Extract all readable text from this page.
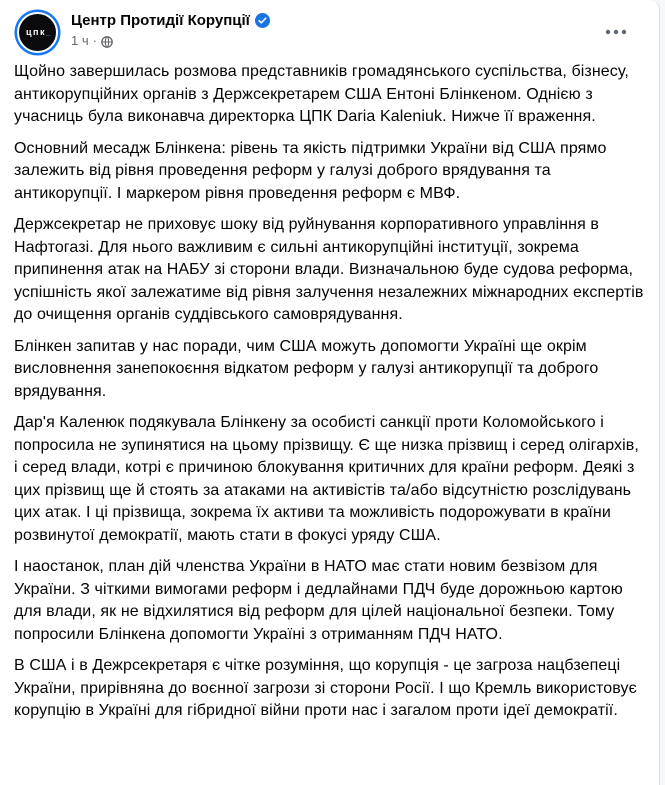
цпк_
Центр Протидії Корупції
1 ч ·

Щойно завершилась розмова представників громадянського суспільства, бізнесу, антикорупційних органів з Держсекретарем США Ентоні Блінкеном. Однією з учасниць була виконавча директорка ЦПК Daria Kaleniuk. Нижче її враження.

Основний месадж Блінкена: рівень та якість підтримки України від США прямо залежить від рівня проведення реформ у галузі доброго врядування та антикорупції. І маркером рівня проведення реформ є МВФ.

Держсекретар не приховує шоку від руйнування корпоративного управління в Нафтогазі. Для нього важливим є сильні антикорупційні інституції, зокрема припинення атак на НАБУ зі сторони влади. Визначальною буде судова реформа, успішність якої залежатиме від рівня залучення незалежних міжнародних експертів до очищення органів суддівського самоврядування.

Блінкен запитав у нас поради, чим США можуть допомогти Україні ще окрім висловнення занепокоєння відкатом реформ у галузі антикорупції та доброго врядування.

Дар'я Каленюк подякувала Блінкену за особисті санкції проти Коломойського і попросила не зупинятися на цьому прізвищу. Є ще низка прізвищ і серед олігархів, і серед влади, котрі є причиною блокування критичних для країни реформ. Деякі з цих прізвищ ще й стоять за атаками на активістів та/або відсутністю розслідувань цих атак. І ці прізвища, зокрема їх активи та можливість подорожувати в країни розвинутої демократії, мають стати в фокусі уряду США.

І наостанок, план дій членства України в НАТО має стати новим безвізом для України. З чіткими вимогами реформ і дедлайнами ПДЧ буде дорожньою картою для влади, як не відхилятися від реформ для цілей національної безпеки. Тому попросили Блінкена допомогти Україні з отриманням ПДЧ НАТО.

В США і в Дежрсекретаря є чітке розуміння, що корупція - це загроза нацбзепеці України, прирівняна до воєнної загрози зі сторони Росії. І що Кремль використовує корупцію в Україні для гібридної війни проти нас і загалом проти ідеї демократії.
